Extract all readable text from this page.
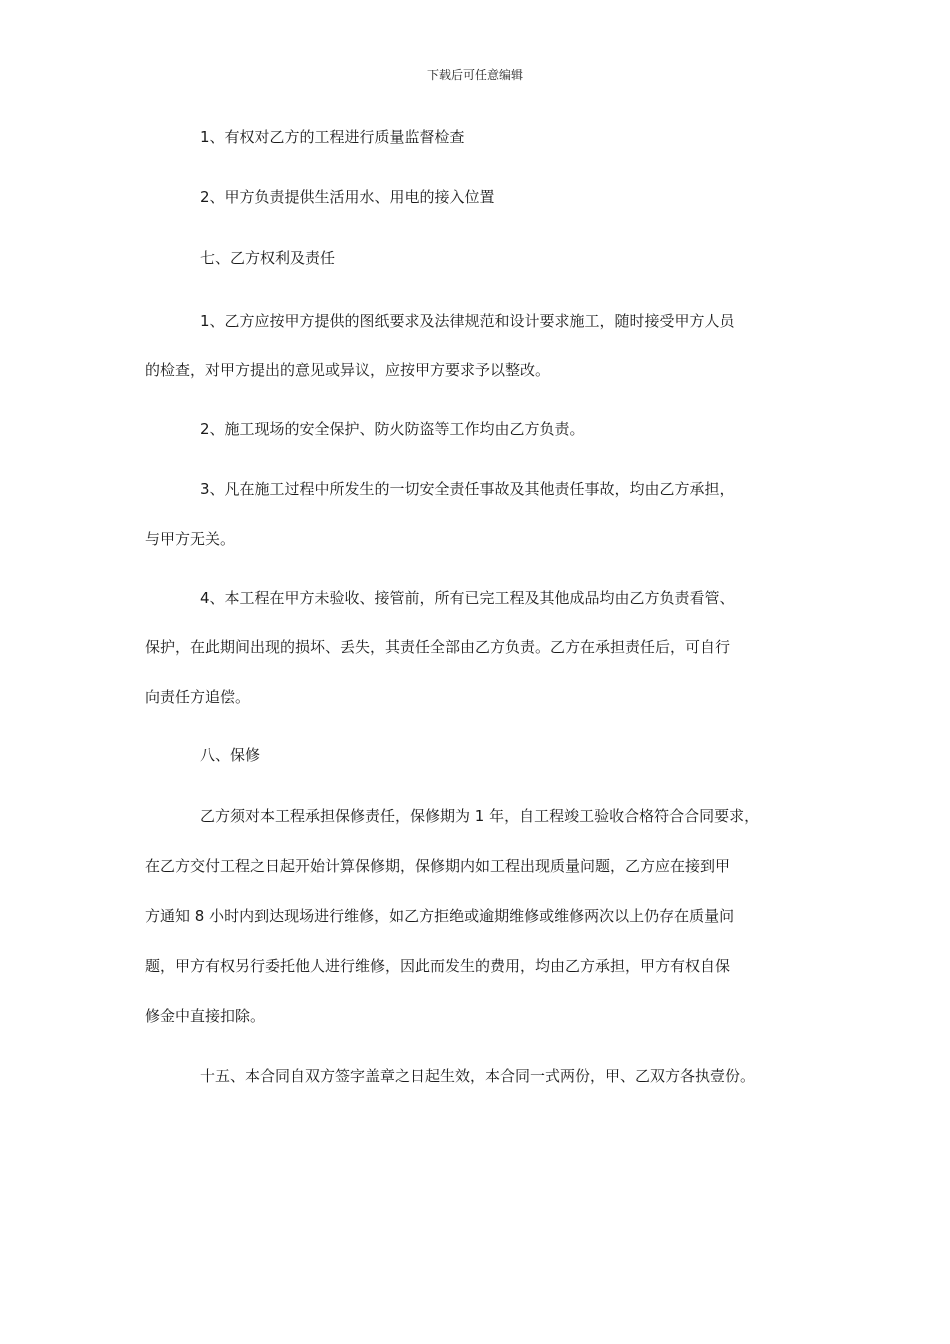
下载后可任意编辑
1、有权对乙方的工程进行质量监督检查
2、甲方负责提供生活用水、用电的接入位置
七、乙方权利及责任
1、乙方应按甲方提供的图纸要求及法律规范和设计要求施工，随时接受甲方人员
的检查，对甲方提出的意见或异议，应按甲方要求予以整改。
2、施工现场的安全保护、防火防盗等工作均由乙方负责。
3、凡在施工过程中所发生的一切安全责任事故及其他责任事故，均由乙方承担，
与甲方无关。
4、本工程在甲方未验收、接管前，所有已完工程及其他成品均由乙方负责看管、
保护，在此期间出现的损坏、丢失，其责任全部由乙方负责。乙方在承担责任后，可自行
向责任方追偿。
八、保修
乙方须对本工程承担保修责任，保修期为 1 年，自工程竣工验收合格符合合同要求，
在乙方交付工程之日起开始计算保修期，保修期内如工程出现质量问题，乙方应在接到甲
方通知 8 小时内到达现场进行维修，如乙方拒绝或逾期维修或维修两次以上仍存在质量问
题，甲方有权另行委托他人进行维修，因此而发生的费用，均由乙方承担，甲方有权自保
修金中直接扣除。
十五、本合同自双方签字盖章之日起生效，本合同一式两份，甲、乙双方各执壹份。
